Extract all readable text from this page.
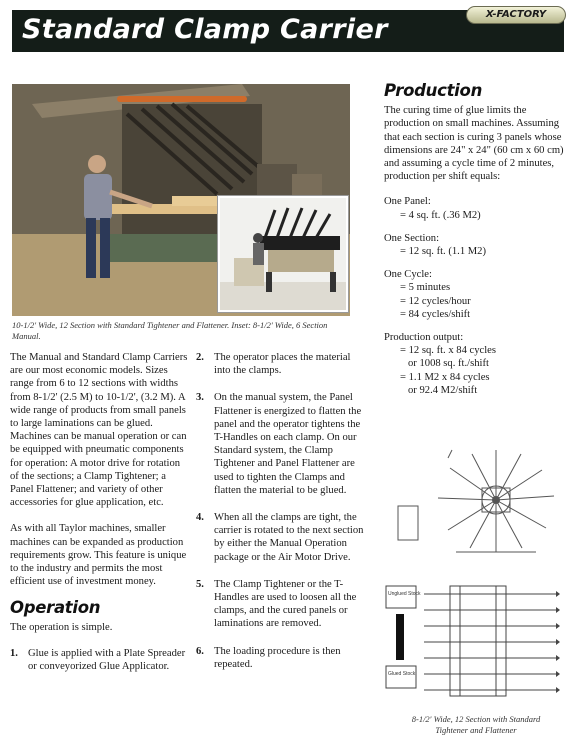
Standard Clamp Carrier	X-FACTORY
10-1/2' Wide, 12 Section with Standard Tightener and Flattener. Inset: 8-1/2' Wide, 6 Section Manual.

The Manual and Standard Clamp Carriers are our most economic models. Sizes range from 6 to 12 sections with widths from 8-1/2' (2.5 M) to 10-1/2', (3.2 M). A wide range of products from small panels to large laminations can be glued. Machines can be manual operation or can be equipped with pneumatic components for operation: A motor drive for rotation of the sections; a Clamp Tightener; a Panel Flattener; and variety of other accessories for glue application, etc.

As with all Taylor machines, smaller machines can be expanded as production requirements grow. This feature is unique to the industry and permits the most efficient use of investment money.

Operation

The operation is simple.

1. Glue is applied with a Plate Spreader or conveyorized Glue Applicator.
2. The operator places the material into the clamps.
3. On the manual system, the Panel Flattener is energized to flatten the panel and the operator tightens the T-Handles on each clamp. On our Standard system, the Clamp Tightener and Panel Flattener are used to tighten the Clamps and flatten the material to be glued.
4. When all the clamps are tight, the carrier is rotated to the next section by either the Manual Operation package or the Air Motor Drive.
5. The Clamp Tightener or the T-Handles are used to loosen all the clamps, and the cured panels or laminations are removed.
6. The loading procedure is then repeated.
Production

The curing time of glue limits the production on small machines. Assuming that each section is curing 3 panels whose dimensions are 24" x 24" (60 cm x 60 cm) and assuming a cycle time of 2 minutes, production per shift equals:

One Panel:
= 4 sq. ft. (.36 M2)
One Section:
= 12 sq. ft. (1.1 M2)
One Cycle:
= 5 minutes
= 12 cycles/hour
= 84 cycles/shift
Production output:
= 12 sq. ft. x 84 cycles
or 1008 sq. ft./shift
= 1.1 M2 x 84 cycles
or 92.4 M2/shift
Unglued Stock
Glued Stock
8-1/2' Wide, 12 Section with Standard Tightener and Flattener
